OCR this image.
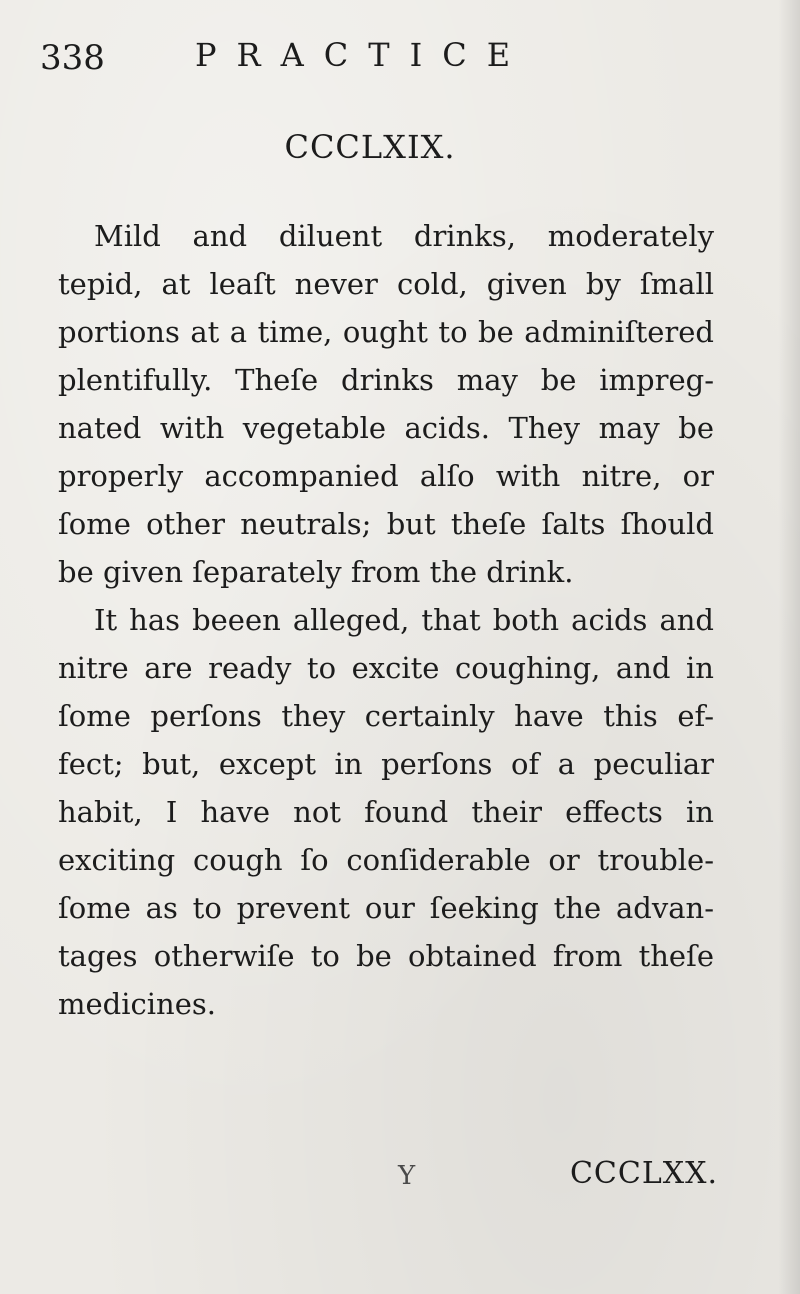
338	PRACTICE
CCCLXIX.
Mild and diluent drinks, moderately
tepid, at leaſt never cold, given by ſmall
portions at a time, ought to be adminiſtered
plentifully. Theſe drinks may be impreg-
nated with vegetable acids. They may be
properly accompanied alſo with nitre, or
ſome other neutrals; but theſe ſalts ſhould
be given ſeparately from the drink.
It has beeen alleged, that both acids and
nitre are ready to excite coughing, and in
ſome perſons they certainly have this ef-
fect; but, except in perſons of a peculiar
habit, I have not found their effects in
exciting cough ſo conſiderable or trouble-
ſome as to prevent our ſeeking the advan-
tages otherwiſe to be obtained from theſe
medicines.
Y	CCCLXX.
